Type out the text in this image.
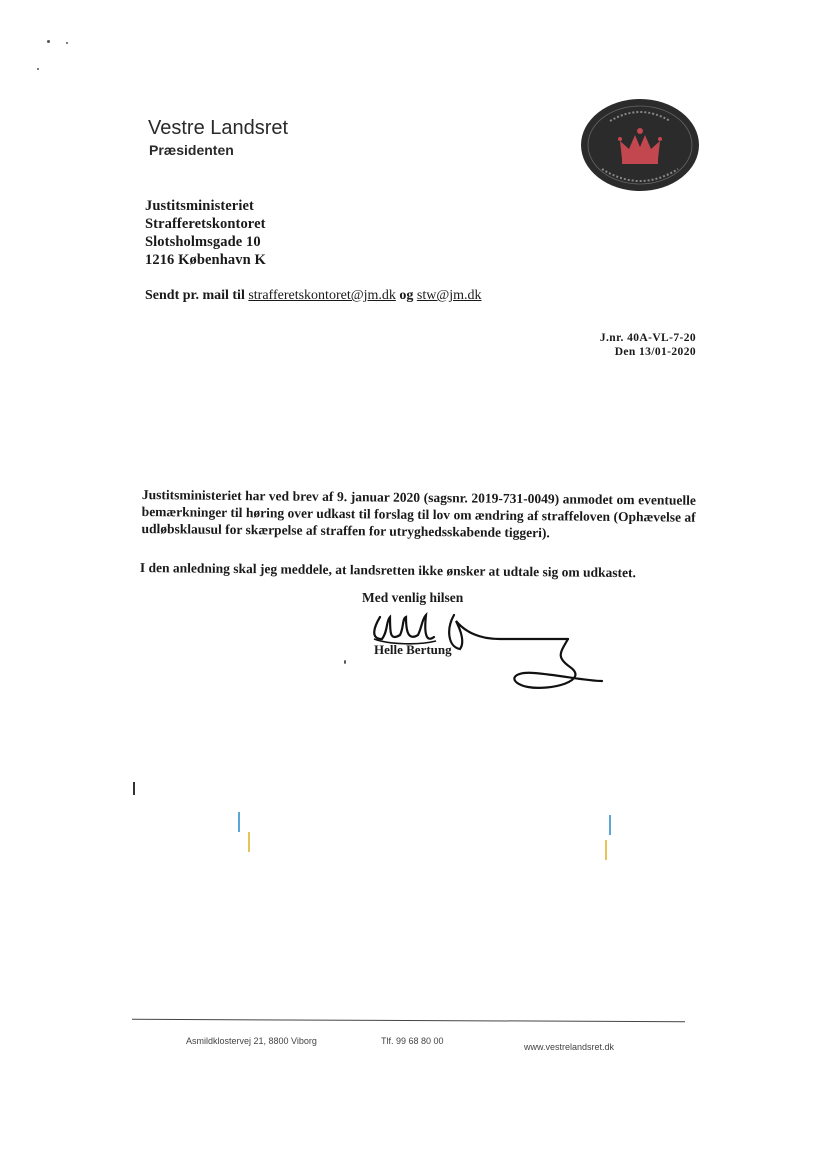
Vestre Landsret
Præsidenten
Justitsministeriet
Strafferetskontoret
Slotsholmsgade 10
1216 København K
Sendt pr. mail til strafferetskontoret@jm.dk og stw@jm.dk
J.nr. 40A-VL-7-20
Den 13/01-2020
Justitsministeriet har ved brev af 9. januar 2020 (sagsnr. 2019-731-0049) anmodet om eventuelle bemærkninger til høring over udkast til forslag til lov om ændring af straffeloven (Ophævelse af udløbsklausul for skærpelse af straffen for utryghedsskabende tiggeri).
I den anledning skal jeg meddele, at landsretten ikke ønsker at udtale sig om udkastet.
Med venlig hilsen
Helle Bertung
Asmildklostervej 21, 8800 Viborg	Tlf. 99 68 80 00
www.vestrelandsret.dk
